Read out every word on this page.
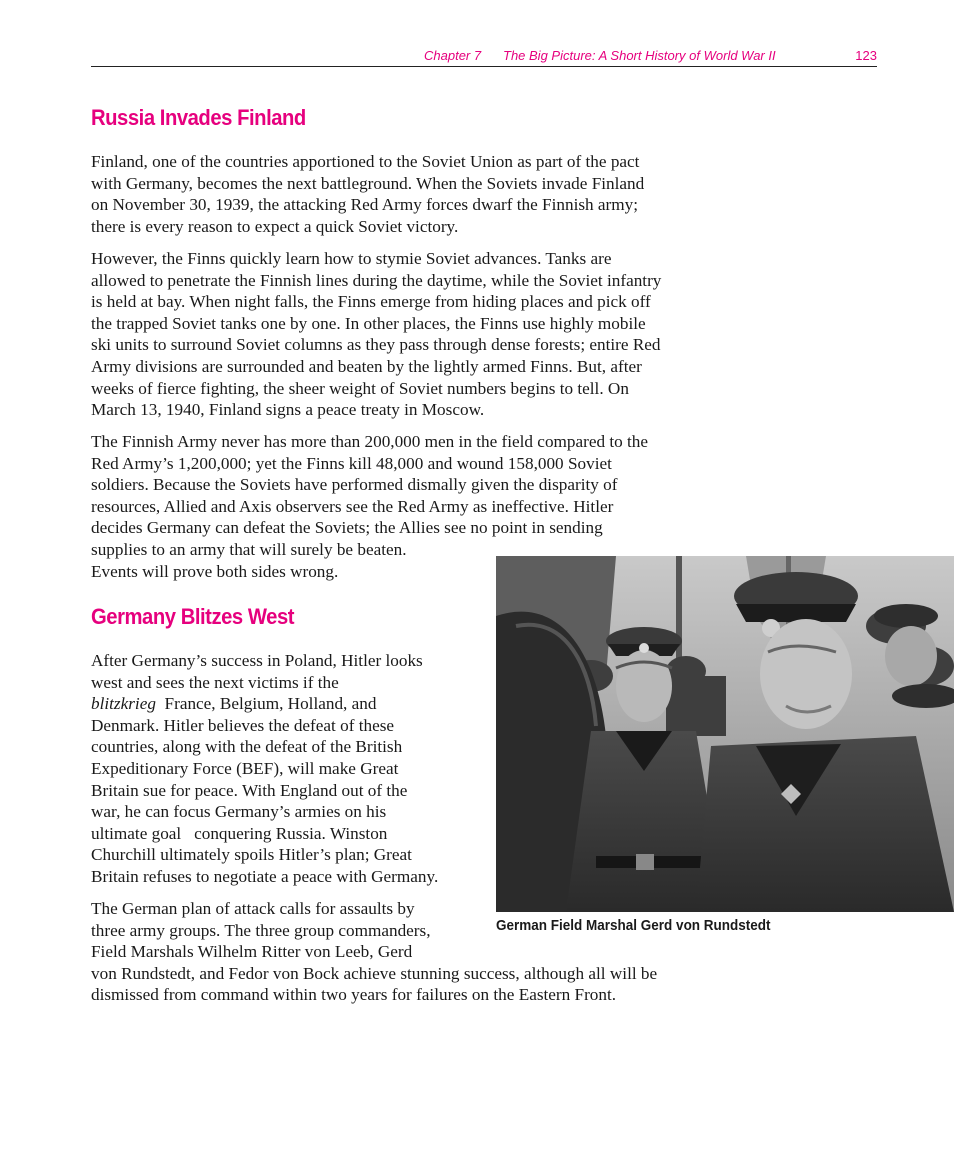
Chapter 7 The Big Picture: A Short History of World War II	123
Russia Invades Finland

Finland, one of the countries apportioned to the Soviet Union as part of the pact
with Germany, becomes the next battleground. When the Soviets invade Finland
on November 30, 1939, the attacking Red Army forces dwarf the Finnish army;
there is every reason to expect a quick Soviet victory.

However, the Finns quickly learn how to stymie Soviet advances. Tanks are
allowed to penetrate the Finnish lines during the daytime, while the Soviet infantry
is held at bay. When night falls, the Finns emerge from hiding places and pick off
the trapped Soviet tanks one by one. In other places, the Finns use highly mobile
ski units to surround Soviet columns as they pass through dense forests; entire Red
Army divisions are surrounded and beaten by the lightly armed Finns. But, after
weeks of fierce fighting, the sheer weight of Soviet numbers begins to tell. On
March 13, 1940, Finland signs a peace treaty in Moscow.

The Finnish Army never has more than 200,000 men in the field compared to the
Red Army’s 1,200,000; yet the Finns kill 48,000 and wound 158,000 Soviet
soldiers. Because the Soviets have performed dismally given the disparity of
resources, Allied and Axis observers see the Red Army as ineffective. Hitler
decides Germany can defeat the Soviets; the Allies see no point in sending
supplies to an army that will surely be beaten.
Events will prove both sides wrong.

Germany Blitzes West

After Germany’s success in Poland, Hitler looks
west and sees the next victims if the
blitzkrieg  France, Belgium, Holland, and
Denmark. Hitler believes the defeat of these
countries, along with the defeat of the British
Expeditionary Force (BEF), will make Great
Britain sue for peace. With England out of the
war, he can focus Germany’s armies on his
ultimate goal   conquering Russia. Winston
Churchill ultimately spoils Hitler’s plan; Great
Britain refuses to negotiate a peace with Germany.

The German plan of attack calls for assaults by
three army groups. The three group commanders,
Field Marshals Wilhelm Ritter von Leeb, Gerd
von Rundstedt, and Fedor von Bock achieve stunning success, although all will be
dismissed from command within two years for failures on the Eastern Front.

German Field Marshal Gerd von Rundstedt
